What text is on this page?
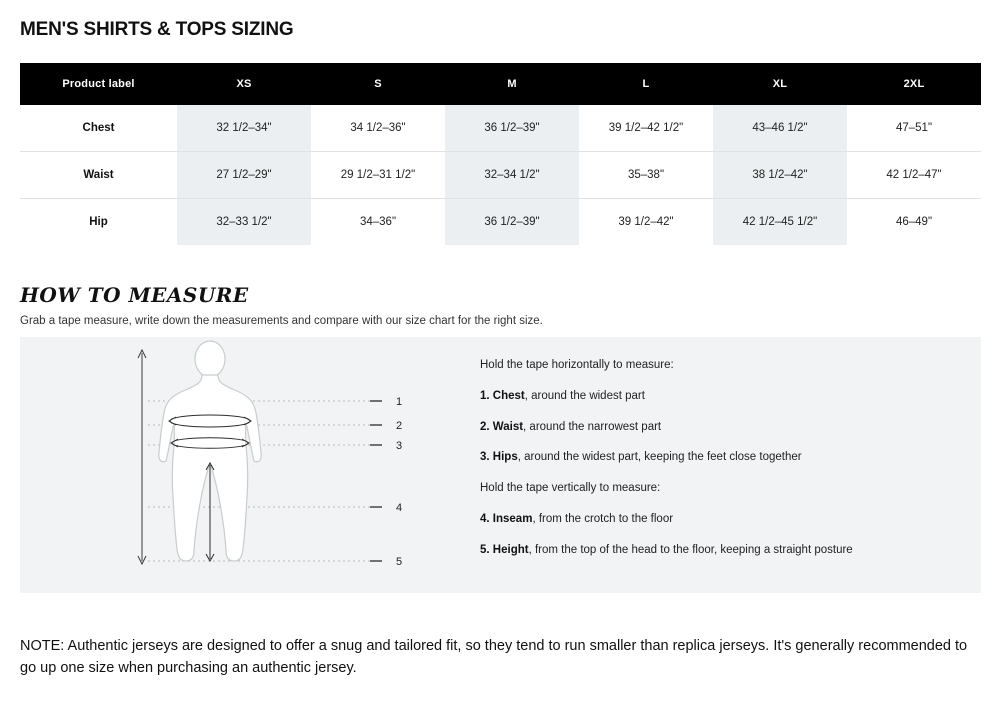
MEN'S SHIRTS & TOPS SIZING
Product label	XS	S	M	L	XL	2XL
Chest	32 1/2–34"	34 1/2–36"	36 1/2–39"	39 1/2–42 1/2"	43–46 1/2"	47–51"
Waist	27 1/2–29"	29 1/2–31 1/2"	32–34 1/2"	35–38"	38 1/2–42"	42 1/2–47"
Hip	32–33 1/2"	34–36"	36 1/2–39"	39 1/2–42"	42 1/2–45 1/2"	46–49"
HOW TO MEASURE
Grab a tape measure, write down the measurements and compare with our size chart for the right size.
1
2
3
4
5
Hold the tape horizontally to measure:
1. Chest, around the widest part
2. Waist, around the narrowest part
3. Hips, around the widest part, keeping the feet close together
Hold the tape vertically to measure:
4. Inseam, from the crotch to the floor
5. Height, from the top of the head to the floor, keeping a straight posture
NOTE: Authentic jerseys are designed to offer a snug and tailored fit, so they tend to run smaller than replica jerseys. It's generally recommended to go up one size when purchasing an authentic jersey.
